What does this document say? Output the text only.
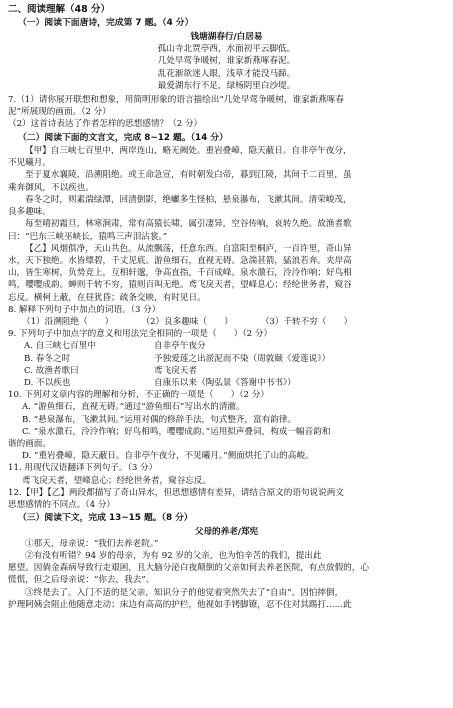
二、阅读理解（48 分）

（一）阅读下面唐诗，完成第 7 题。（4 分）

钱塘湖春行/白居易

孤山寺北贾亭西，水面初平云脚低。

几处早莺争暖树，谁家新燕啄春泥。

乱花渐欲迷人眼，浅草才能没马蹄。

最爱湖东行不足，绿杨阴里白沙堤。

7.（1）请你展开联想和想象，用简明形象的语言描绘出“几处早莺争暖树，谁家新燕啄春

泥”所展现的画面。（2 分）

（2）这首诗表达了作者怎样的思想感情？（2 分）

（二）阅读下面的文言文，完成 8~12 题。（14 分）

【甲】自三峡七百里中，两岸连山，略无阙处。重岩叠嶂，隐天蔽日。自非亭午夜分，

不见曦月。

至于夏水襄陵，沿溯阻绝。或王命急宣，有时朝发白帝，暮到江陵，其间千二百里，虽

乘奔御风，不以疾也。

春冬之时，则素湍绿潭，回清倒影，绝巘多生怪柏，悬泉瀑布，飞漱其间。清荣峻茂，

良多趣味。

每至晴初霜旦，林寒涧肃，常有高猿长啸，属引凄异，空谷传响，哀转久绝。故渔者歌

曰：“巴东三峡巫峡长，猿鸣三声泪沾裳。”

【乙】风烟俱净，天山共色。从流飘荡，任意东西。自富阳至桐庐，一百许里，奇山异

水，天下独绝。水皆缥碧，千丈见底。游鱼细石，直视无碍。急湍甚箭，猛浪若奔。夹岸高

山，皆生寒树，负势竞上，互相轩邈，争高直指，千百成峰。泉水激石，泠泠作响；好鸟相

鸣，嘤嘤成韵。蝉则千转不穷，猿则百叫无绝。鸢飞戾天者，望峰息心；经纶世务者，窥谷

忘反。横柯上蔽，在昼犹昏；疏条交映，有时见日。

8. 解释下列句子中加点的词语。（3 分）

（1）沿溯阻绝（　　）	（2）良多趣味（　　）	（3）千转不穷（　　）

9. 下列句子中加点字的意义和用法完全相同的一项是（　　）（2 分）

A. 自三峡七百里中	自非亭午夜分
B. 春冬之时	予独爱莲之出淤泥而不染（周敦颐《爱莲说》）
C. 故渔者歌曰	鸢飞戾天者
D. 不以疾也	自康乐以来（陶弘景《答谢中书书》）

10. 下列对文章内容的理解和分析，不正确的一项是（　　）（2 分）

A. “游鱼细石，直视无碍。”通过“游鱼细石”写出水的清澈。

B. “悬泉瀑布，飞漱其间。”运用对偶的修辞手法，句式整齐，富有韵律。

C. “泉水激石，泠泠作响；好鸟相鸣，嘤嘤成韵。”运用拟声叠词，构成一幅音韵和

谐的画面。

D. “重岩叠嶂，隐天蔽日。自非亭午夜分，不见曦月。”侧面烘托了山的高峻。

11. 用现代汉语翻译下列句子。（3 分）

鸢飞戾天者，望峰息心；经纶世务者，窥谷忘反。

12.【甲】【乙】两段都描写了奇山异水，但思想感情有差异，请结合原文的语句说说两文

思想感情的不同点。（4 分）

（三）阅读下文，完成 13~15 题。（8 分）

父母的养老/郑宪

①那天，母亲说：“我们去养老院。”

②有没有听错？94 岁的母亲，为有 92 岁的父亲，也为怕辛苦的我们，提出此

愿望。因倘金森病导致行走艰困，且大脑分泌白夜颠倒的父亲如何去养老医院，有点放假的，心

慌慌，但之后母亲说：“你去，我去”。

③终是去了。入门不适的是父亲，知识分子的他觉着突然失去了“自由”。因怕摔倒，

护理阿姨会阻止他随意走动；床边有高高的护栏，他视如手铐脚镣，忍不住对其踢打……此
